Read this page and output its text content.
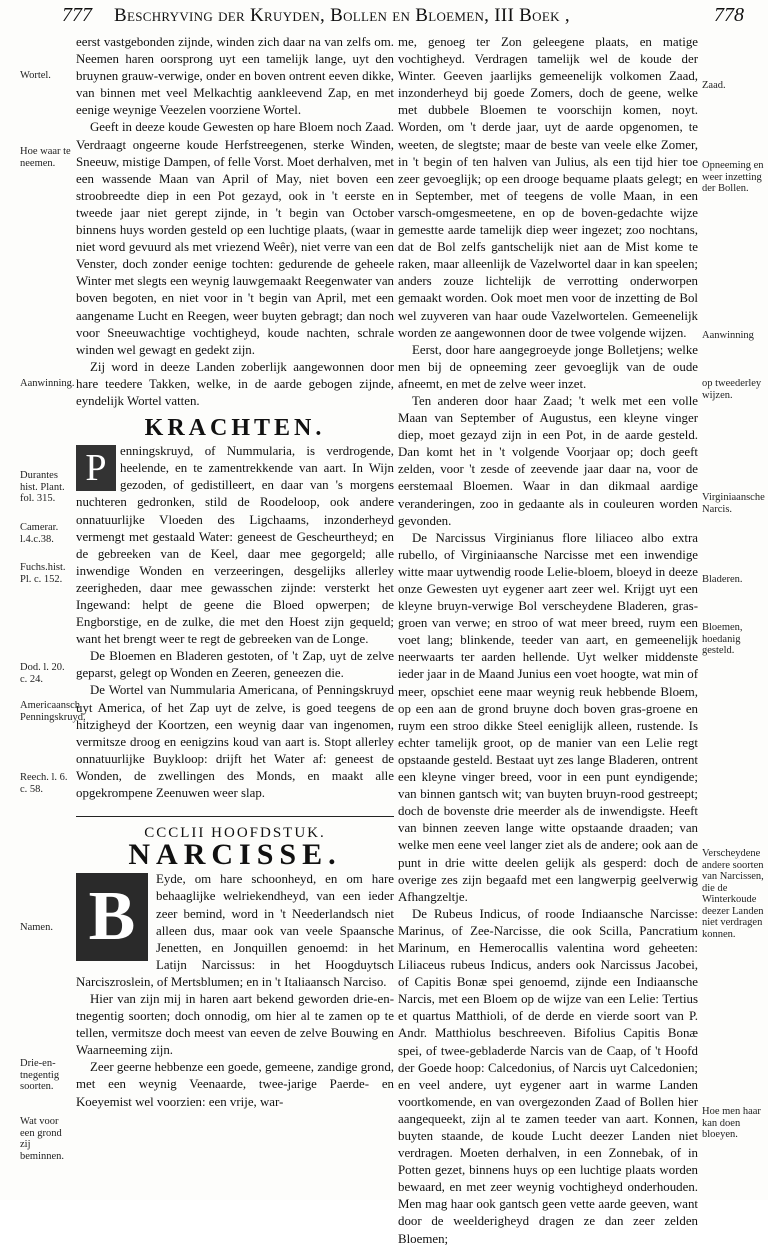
777 Beschryving der Kruyden, Bollen en Bloemen, III Boek ,	778
Wortel.
Hoe waar te neemen.
Aanwinning.
Durantes hist. Plant. fol. 315.
Camerar. l.4.c.38.
Fuchs.hist. Pl. c. 152.
Dod. l. 20. c. 24.
Americaansch Penningskruyd.
Reech. l. 6. c. 58.
Namen.
Drie-en-tnegentig soorten.
Wat voor een grond zij beminnen.
Zaad.
Opneeming en weer inzetting der Bollen.
Aanwinning
op tweederley wijzen.
Virginiaansche Narcis.
Bladeren.
Bloemen, hoedanig gesteld.
Verscheydene andere soorten van Narcissen, die de Winterkoude deezer Landen niet verdragen konnen.
Hoe men haar kan doen bloeyen.

eerst vastgebonden zijnde, winden zich daar na van zelfs om. Neemen haren oorsprong uyt een tamelijk lange, uyt den bruynen grauw-verwige, onder en boven ontrent eeven dikke, van binnen met veel Melkachtig aankleevend Zap, en met eenige weynige Veezelen voorziene Wortel.

Geeft in deeze koude Gewesten op hare Bloem noch Zaad. Verdraagt ongeerne koude Herfstreegenen, sterke Winden, Sneeuw, mistige Dampen, of felle Vorst. Moet derhalven, met een wassende Maan van April of May, niet boven een stroobreedte diep in een Pot gezayd, ook in 't eerste en tweede jaar niet gerept zijnde, in 't begin van October binnens huys worden gesteld op een luchtige plaats, (waar in niet word gevuurd als met vriezend Weêr), niet verre van een Venster, doch zonder eenige tochten: gedurende de geheele Winter met slegts een weynig lauwgemaakt Reegenwater van boven begoten, en niet voor in 't begin van April, met een aangename Lucht en Reegen, weer buyten gebragt; dan noch voor Sneeuwachtige vochtigheyd, koude nachten, schrale winden wel gewagt en gedekt zijn.

Zij word in deeze Landen zoberlijk aangewonnen door hare teedere Takken, welke, in de aarde gebogen zijnde, eyndelijk Wortel vatten.

KRACHTEN.

P	enningskruyd, of Nummularia, is verdrogende, heelende, en te zamentrekkende van aart. In Wijn gezoden, of gedistilleert, en daar van 's morgens nuchteren gedronken, stild de Roodeloop, ook andere onnatuurlijke Vloeden des Ligchaams, inzonderheyd vermengt met gestaald Water: geneest de Gescheurtheyd; en de gebreeken van de Keel, daar mee gegorgeld; alle inwendige Wonden en verzeeringen, desgelijks allerley zeerigheden, daar mee gewasschen zijnde: versterkt het Ingewand: helpt de geene die Bloed opwerpen; de Engborstige, en de zulke, die met den Hoest zijn gequeld; want het brengt weer te regt de gebreeken van de Longe.

De Bloemen en Bladeren gestoten, of 't Zap, uyt de zelve geparst, gelegt op Wonden en Zeeren, geneezen die.

De Wortel van Nummularia Americana, of Penningskruyd uyt America, of het Zap uyt de zelve, is goed teegens de hitzigheyd der Koortzen, een weynig daar van ingenomen, vermitsze droog en eenigzins koud van aart is. Stopt allerley onnatuurlijke Buykloop: drijft het Water af: geneest de Wonden, de zwellingen des Monds, en maakt alle opgekrompene Zeenuwen weer slap.

CCCLII HOOFDSTUK.
NARCISSE.

B	Eyde, om hare schoonheyd, en om hare behaaglijke welriekendheyd, van een ieder zeer bemind, word in 't Neederlandsch niet alleen dus, maar ook van veele Spaansche Jenetten, en Jonquillen genoemd: in het Latijn Narcissus: in het Hoogduytsch Narciszroslein, of Mertsblumen; en in 't Italiaansch Narciso.

Hier van zijn mij in haren aart bekend geworden drie-en-tnegentig soorten; doch onnodig, om hier al te zamen op te tellen, vermitsze doch meest van eeven de zelve Bouwing en Waarneeming zijn.

Zeer geerne hebbenze een goede, gemeene, zandige grond, met een weynig Veenaarde, twee-jarige Paerde- en Koeyemist wel voorzien: een vrije, war-

me, genoeg ter Zon geleegene plaats, en matige vochtigheyd. Verdragen tamelijk wel de koude der Winter. Geeven jaarlijks gemeenelijk volkomen Zaad, inzonderheyd bij goede Zomers, doch de geene, welke met dubbele Bloemen te voorschijn komen, noyt. Worden, om 't derde jaar, uyt de aarde opgenomen, te weeten, de slegtste; maar de beste van veele elke Zomer, in 't begin of ten halven van Julius, als een tijd hier toe zeer gevoeglijk; op een drooge bequame plaats gelegt; en in September, met of teegens de volle Maan, in een varsch-omgesmeetene, en op de boven-gedachte wijze gemestte aarde tamelijk diep weer ingezet; zoo nochtans, dat de Bol zelfs gantschelijk niet aan de Mist kome te raken, maar alleenlijk de Vazelwortel daar in kan speelen; anders zouze lichtelijk de verrotting onderworpen gemaakt worden. Ook moet men voor de inzetting de Bol wel zuyveren van haar oude Vazelwortelen. Gemeenelijk worden ze aangewonnen door de twee volgende wijzen.

Eerst, door hare aangegroeyde jonge Bolletjens; welke men bij de opneeming zeer gevoeglijk van de oude afneemt, en met de zelve weer inzet.

Ten anderen door haar Zaad; 't welk met een volle Maan van September of Augustus, een kleyne vinger diep, moet gezayd zijn in een Pot, in de aarde gesteld. Dan komt het in 't volgende Voorjaar op; doch geeft zelden, voor 't zesde of zeevende jaar daar na, voor de eerstemaal Bloemen. Waar in dan dikmaal aardige veranderingen, zoo in gedaante als in couleuren worden gevonden.

De Narcissus Virginianus flore liliaceo albo extra rubello, of Virginiaansche Narcisse met een inwendige witte maar uytwendig roode Lelie-bloem, bloeyd in deeze onze Gewesten uyt eygener aart zeer wel. Krijgt uyt een kleyne bruyn-verwige Bol verscheydene Bladeren, gras-groen van verwe; en stroo of wat meer breed, ruym een voet lang; blinkende, teeder van aart, en gemeenelijk neerwaarts ter aarden hellende. Uyt welker middenste ieder jaar in de Maand Junius een voet hoogte, wat min of meer, opschiet eene maar weynig reuk hebbende Bloem, op een aan de grond bruyne doch boven gras-groene en ruym een stroo dikke Steel eeniglijk alleen, rustende. Is echter tamelijk groot, op de manier van een Lelie regt opstaande gesteld. Bestaat uyt zes lange Bladeren, ontrent een kleyne vinger breed, voor in een punt eyndigende; van binnen gantsch wit; van buyten bruyn-rood gestreept; doch de bovenste drie meerder als de inwendigste. Heeft van binnen zeeven lange witte opstaande draaden; van welke men eene veel langer ziet als de andere; ook aan de punt in drie witte deelen gelijk als gesperd: doch de overige zes zijn begaafd met een langwerpig geelverwig Afhangzeltje.

De Rubeus Indicus, of roode Indiaansche Narcisse: Marinus, of Zee-Narcisse, die ook Scilla, Pancratium Marinum, en Hemerocallis valentina word geheeten: Liliaceus rubeus Indicus, anders ook Narcissus Jacobei, of Capitis Bonæ spei genoemd, zijnde een Indiaansche Narcis, met een Bloem op de wijze van een Lelie: Tertius et quartus Matthioli, of de derde en vierde soort van P. Andr. Matthiolus beschreeven. Bifolius Capitis Bonæ spei, of twee-gebladerde Narcis van de Caap, of 't Hoofd der Goede hoop: Calcedonius, of Narcis uyt Calcedonien; en veel andere, uyt eygener aart in warme Landen voortkomende, en van overgezonden Zaad of Bollen hier aangequeekt, zijn al te zamen teeder van aart. Konnen, buyten staande, de koude Lucht deezer Landen niet verdragen. Moeten derhalven, in een Zonnebak, of in Potten gezet, binnens huys op een luchtige plaats worden bewaard, en met zeer weynig vochtigheyd onderhouden. Men mag haar ook gantsch geen vette aarde geeven, want door de weelderigheyd dragen ze dan zeer zelden Bloemen;
